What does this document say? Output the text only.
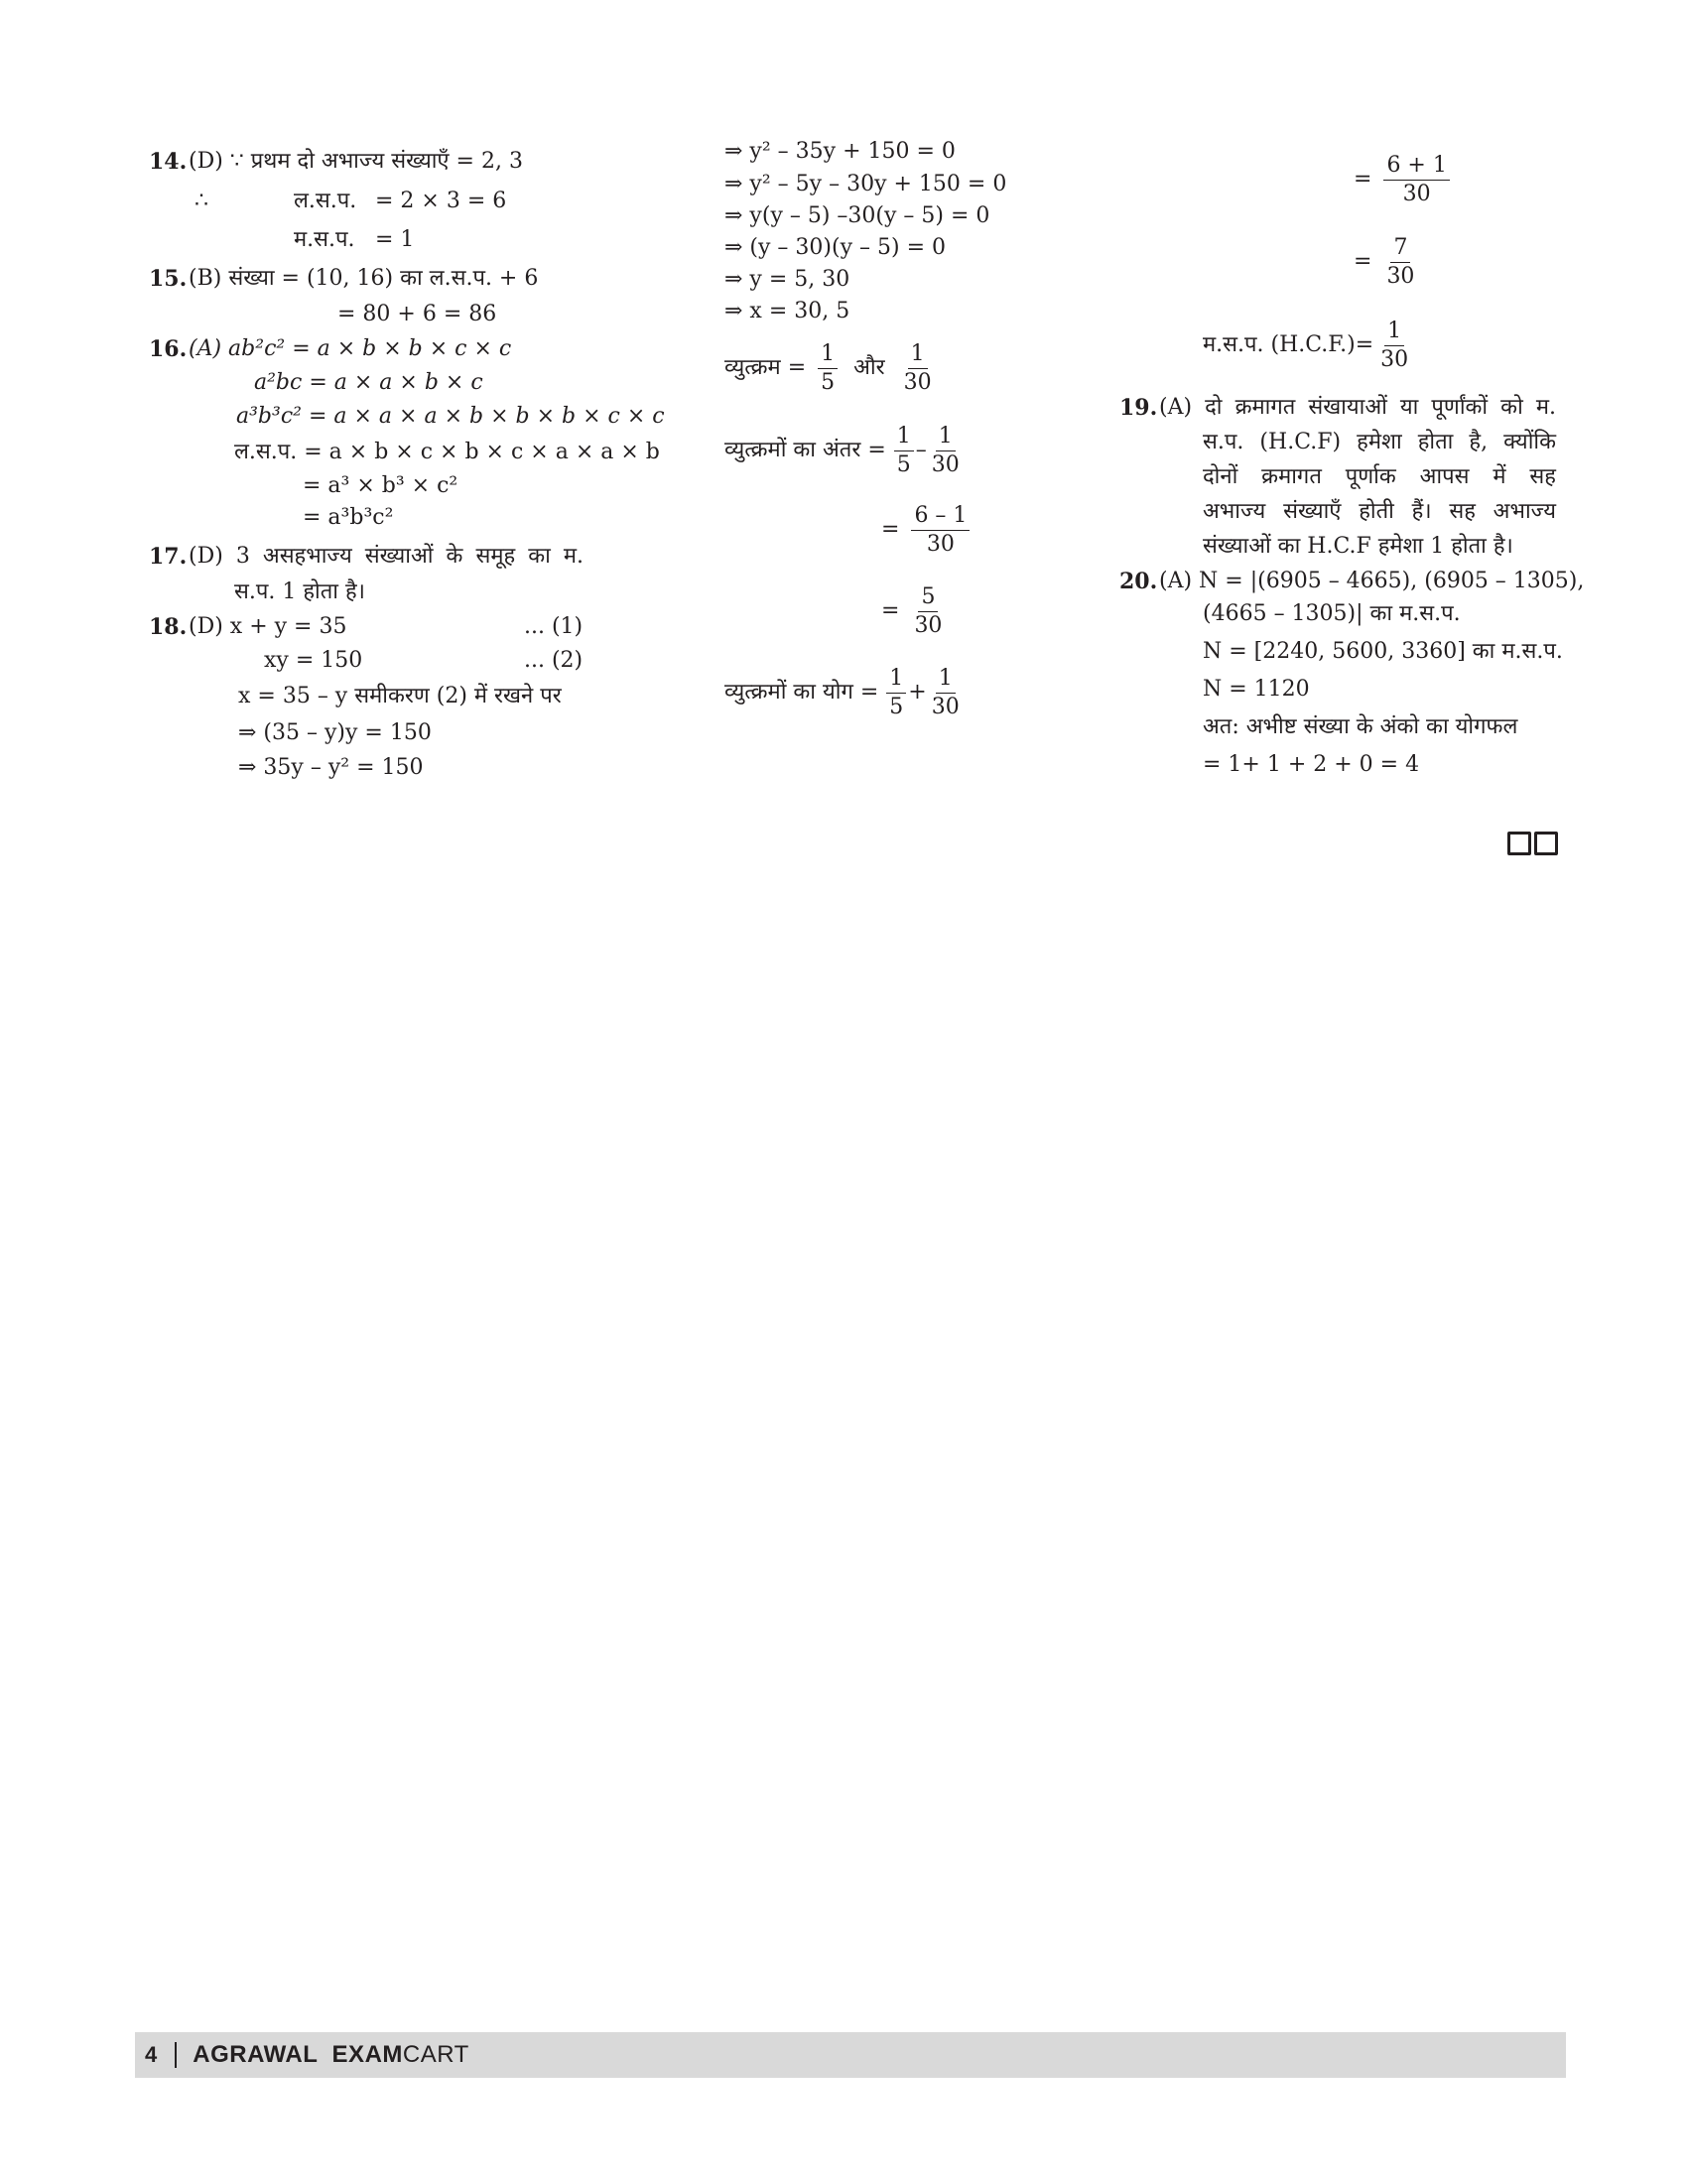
14. (D) ∵ प्रथम दो अभाज्य संख्याएँ = 2, 3
∴	ल.स.प. = 2 × 3 = 6
म.स.प. = 1
15. (B) संख्या = (10, 16) का ल.स.प. + 6
= 80 + 6 = 86
16. (A) ab²c² = a × b × b × c × c
a²bc = a × a × b × c
a³b³c² = a × a × a × b × b × b × c × c
ल.स.प. = a × b × c × b × c × a × a × b
= a³ × b³ × c²
= a³b³c²
17. (D) 3 असहभाज्य संख्याओं के समूह का म.
स.प. 1 होता है।
18. (D) x + y = 35	... (1)
xy = 150	... (2)
x = 35 – y समीकरण (2) में रखने पर
⇒ (35 – y)y = 150
⇒ 35y – y² = 150
⇒ y² – 35y + 150 = 0
⇒ y² – 5y – 30y + 150 = 0
⇒ y(y – 5) –30(y – 5) = 0
⇒ (y – 30)(y – 5) = 0
⇒ y = 5, 30
⇒ x = 30, 5
व्युत्क्रम = $\frac{1}{5}$ और $\frac{1}{30}$
व्युत्क्रमों का अंतर = $\frac{1}{5} - \frac{1}{30}$
= $\frac{6 - 1}{30}$
= $\frac{5}{30}$
व्युत्क्रमों का योग = $\frac{1}{5} + \frac{1}{30}$
= $\frac{6 + 1}{30}$
= $\frac{7}{30}$
म.स.प. $(H.C.F.)= \frac{1}{30}$
19. (A) दो क्रमागत संखायाओं या पूर्णांकों को म.
स.प. (H.C.F) हमेशा होता है, क्योंकि
दोनों क्रमागत पूर्णाक आपस में सह
अभाज्य संख्याएँ होती हैं। सह अभाज्य
संख्याओं का H.C.F हमेशा 1 होता है।
20. (A) N = |(6905 – 4665), (6905 – 1305),
(4665 – 1305)| का म.स.प.
N = [2240, 5600, 3360] का म.स.प.
N = 1120
अत: अभीष्ट संख्या के अंको का योगफल
= 1+ 1 + 2 + 0 = 4
4 AGRAWAL EXAMCART
